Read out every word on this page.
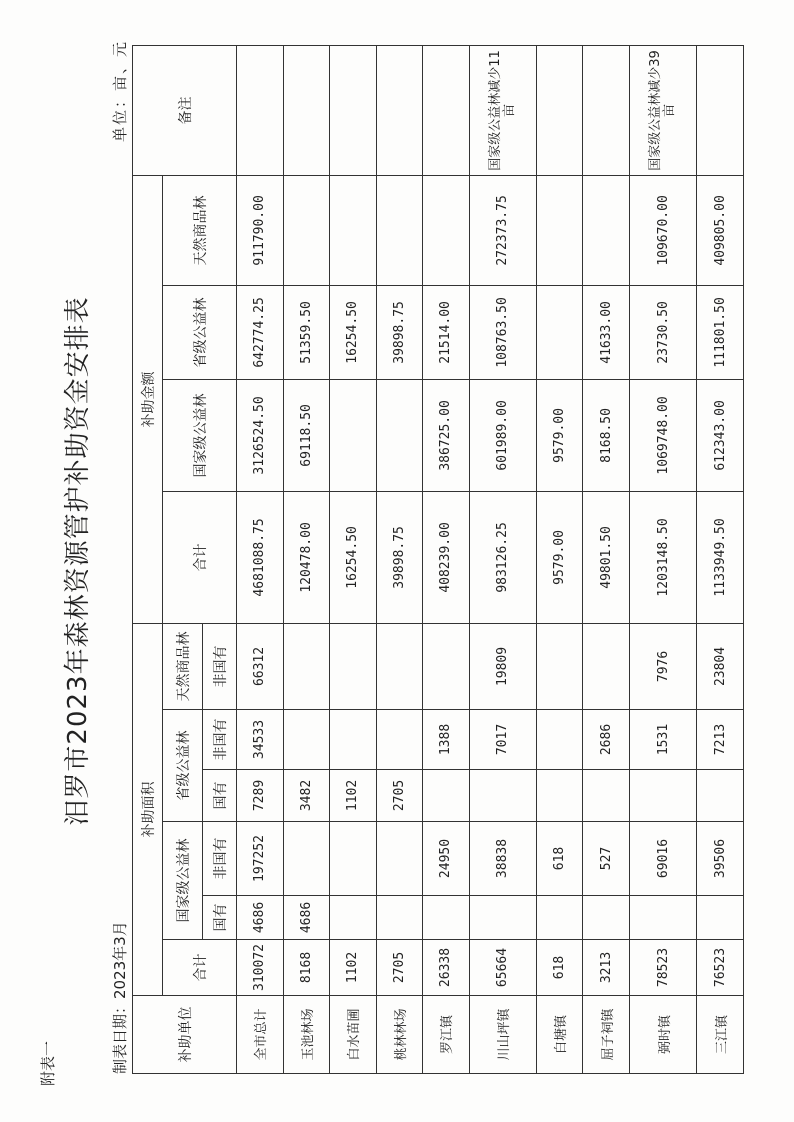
附表一
汨罗市2023年森林资源管护补助资金安排表
制表日期：2023年3月
单位：亩、元
补助单位	补助面积						补助金额				备注
	合计	国家级公益林		省级公益林		天然商品林	合计	国家级公益林	省级公益林	天然商品林	
		国有	非国有	国有	非国有	非国有					
全市总计	310072	4686	197252	7289	34533	66312	4681088.75	3126524.50	642774.25	911790.00	
玉池林场	8168	4686		3482			120478.00	69118.50	51359.50		
白水苗圃	1102			1102			16254.50		16254.50		
桃林林场	2705			2705			39898.75		39898.75		
罗江镇	26338		24950		1388		408239.00	386725.00	21514.00		
川山坪镇	65664		38838		7017	19809	983126.25	601989.00	108763.50	272373.75	国家级公益林减少11亩
白塘镇	618		618				9579.00	9579.00			
屈子祠镇	3213		527		2686		49801.50	8168.50	41633.00		
弼时镇	78523		69016		1531	7976	1203148.50	1069748.00	23730.50	109670.00	国家级公益林减少39亩
三江镇	76523		39506		7213	23804	1133949.50	612343.00	111801.50	409805.00	
